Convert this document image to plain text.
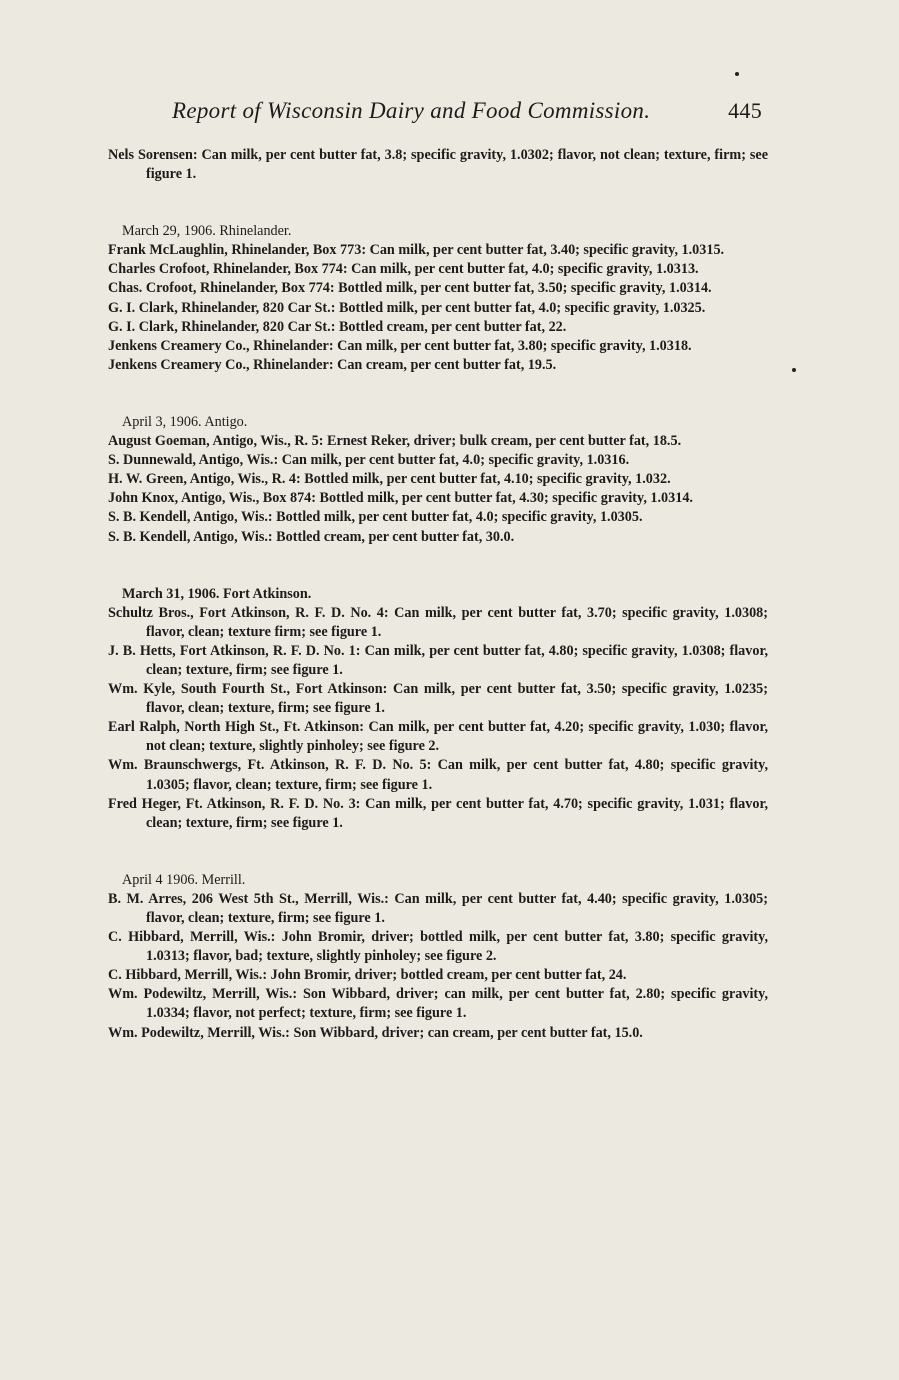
Report of Wisconsin Dairy and Food Commission.	445
Nels Sorensen: Can milk, per cent butter fat, 3.8; specific gravity, 1.0302; flavor, not clean; texture, firm; see figure 1.
March 29, 1906. Rhinelander.
Frank McLaughlin, Rhinelander, Box 773: Can milk, per cent butter fat, 3.40; specific gravity, 1.0315.
Charles Crofoot, Rhinelander, Box 774: Can milk, per cent butter fat, 4.0; specific gravity, 1.0313.
Chas. Crofoot, Rhinelander, Box 774: Bottled milk, per cent butter fat, 3.50; specific gravity, 1.0314.
G. I. Clark, Rhinelander, 820 Car St.: Bottled milk, per cent butter fat, 4.0; specific gravity, 1.0325.
G. I. Clark, Rhinelander, 820 Car St.: Bottled cream, per cent butter fat, 22.
Jenkens Creamery Co., Rhinelander: Can milk, per cent butter fat, 3.80; specific gravity, 1.0318.
Jenkens Creamery Co., Rhinelander: Can cream, per cent butter fat, 19.5.
April 3, 1906. Antigo.
August Goeman, Antigo, Wis., R. 5: Ernest Reker, driver; bulk cream, per cent butter fat, 18.5.
S. Dunnewald, Antigo, Wis.: Can milk, per cent butter fat, 4.0; specific gravity, 1.0316.
H. W. Green, Antigo, Wis., R. 4: Bottled milk, per cent butter fat, 4.10; specific gravity, 1.032.
John Knox, Antigo, Wis., Box 874: Bottled milk, per cent butter fat, 4.30; specific gravity, 1.0314.
S. B. Kendell, Antigo, Wis.: Bottled milk, per cent butter fat, 4.0; specific gravity, 1.0305.
S. B. Kendell, Antigo, Wis.: Bottled cream, per cent butter fat, 30.0.
March 31, 1906. Fort Atkinson.
Schultz Bros., Fort Atkinson, R. F. D. No. 4: Can milk, per cent butter fat, 3.70; specific gravity, 1.0308; flavor, clean; texture firm; see figure 1.
J. B. Hetts, Fort Atkinson, R. F. D. No. 1: Can milk, per cent butter fat, 4.80; specific gravity, 1.0308; flavor, clean; texture, firm; see figure 1.
Wm. Kyle, South Fourth St., Fort Atkinson: Can milk, per cent butter fat, 3.50; specific gravity, 1.0235; flavor, clean; texture, firm; see figure 1.
Earl Ralph, North High St., Ft. Atkinson: Can milk, per cent butter fat, 4.20; specific gravity, 1.030; flavor, not clean; texture, slightly pinholey; see figure 2.
Wm. Braunschwergs, Ft. Atkinson, R. F. D. No. 5: Can milk, per cent butter fat, 4.80; specific gravity, 1.0305; flavor, clean; texture, firm; see figure 1.
Fred Heger, Ft. Atkinson, R. F. D. No. 3: Can milk, per cent butter fat, 4.70; specific gravity, 1.031; flavor, clean; texture, firm; see figure 1.
April 4 1906. Merrill.
B. M. Arres, 206 West 5th St., Merrill, Wis.: Can milk, per cent butter fat, 4.40; specific gravity, 1.0305; flavor, clean; texture, firm; see figure 1.
C. Hibbard, Merrill, Wis.: John Bromir, driver; bottled milk, per cent butter fat, 3.80; specific gravity, 1.0313; flavor, bad; texture, slightly pinholey; see figure 2.
C. Hibbard, Merrill, Wis.: John Bromir, driver; bottled cream, per cent butter fat, 24.
Wm. Podewiltz, Merrill, Wis.: Son Wibbard, driver; can milk, per cent butter fat, 2.80; specific gravity, 1.0334; flavor, not perfect; texture, firm; see figure 1.
Wm. Podewiltz, Merrill, Wis.: Son Wibbard, driver; can cream, per cent butter fat, 15.0.
